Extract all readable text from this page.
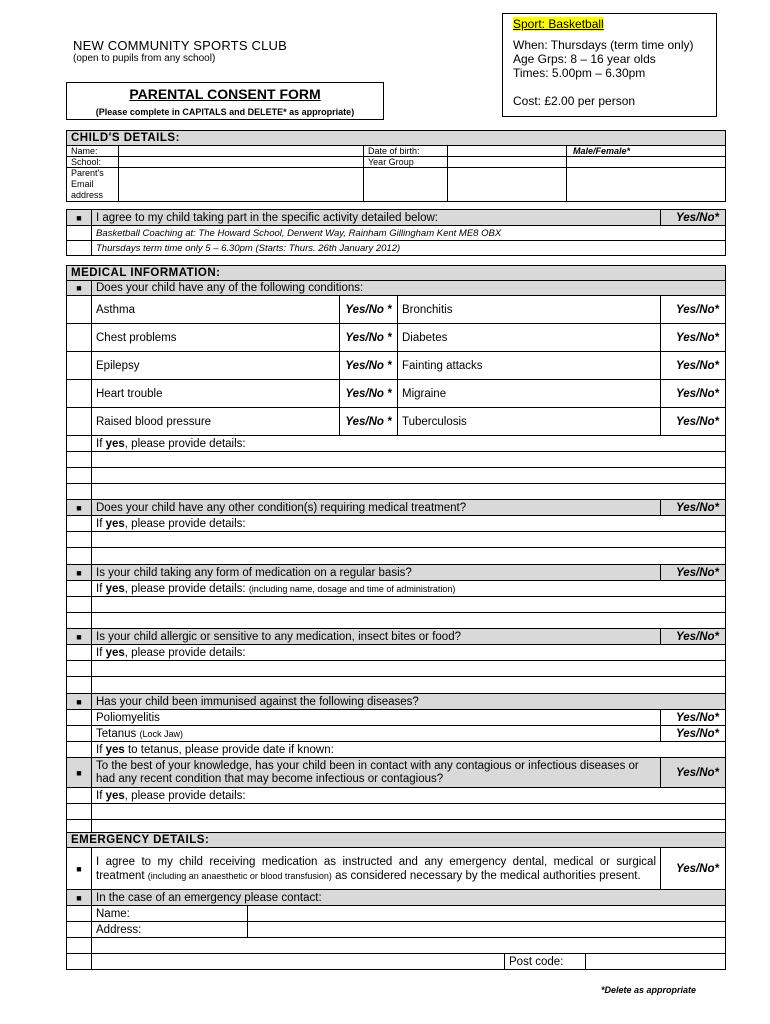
Sport: Basketball
When: Thursdays (term time only)
Age Grps: 8 – 16 year olds
Times: 5.00pm – 6.30pm
Cost: £2.00 per person
NEW COMMUNITY SPORTS CLUB
(open to pupils from any school)
PARENTAL CONSENT FORM
(Please complete in CAPITALS and DELETE* as appropriate)
CHILD'S DETAILS:				
Name:		Date of birth:		Male/Female*
School:		Year Group		
Parent's Email address				
■	I agree to my child taking part in the specific activity detailed below:	Yes/No*
	Basketball Coaching at: The Howard School, Derwent Way, Rainham Gillingham Kent ME8 OBX	
	Thursdays term time only 5 – 6.30pm (Starts: Thurs. 26th January 2012)	
MEDICAL INFORMATION:				
■	Does your child have any of the following conditions:			
	Asthma	Yes/No *	Bronchitis	Yes/No*
	Chest problems	Yes/No *	Diabetes	Yes/No*
	Epilepsy	Yes/No *	Fainting attacks	Yes/No*
	Heart trouble	Yes/No *	Migraine	Yes/No*
	Raised blood pressure	Yes/No *	Tuberculosis	Yes/No*
	If yes, please provide details:			

■	Does your child have any other condition(s) requiring medical treatment?			Yes/No*
	If yes, please provide details:			

■	Is your child taking any form of medication on a regular basis?			Yes/No*
	If yes, please provide details: (including name, dosage and time of administration)			

■	Is your child allergic or sensitive to any medication, insect bites or food?			Yes/No*
	If yes, please provide details:			

■	Has your child been immunised against the following diseases?			
	Poliomyelitis			Yes/No*
	Tetanus (Lock Jaw)			Yes/No*
	If yes to tetanus, please provide date if known:			
■	To the best of your knowledge, has your child been in contact with any contagious or infectious diseases or had any recent condition that may become infectious or contagious?			Yes/No*
	If yes, please provide details:			

EMERGENCY DETAILS:					
■	I agree to my child receiving medication as instructed and any emergency dental, medical or surgical treatment (including an anaesthetic or blood transfusion) as considered necessary by the medical authorities present.				Yes/No*
■	In the case of an emergency please contact:				
	Name:				
	Address:				

			Post code:		
*Delete as appropriate
